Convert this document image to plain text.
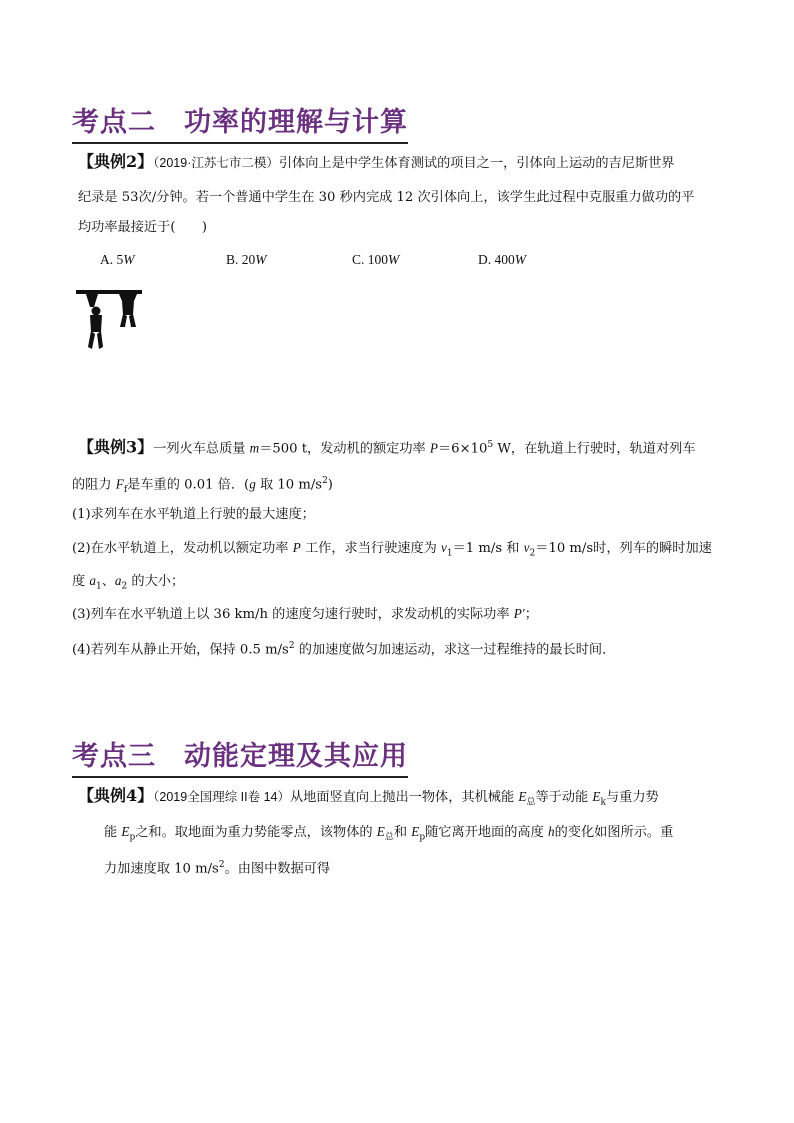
考点二　功率的理解与计算
【典例2】（2019·江苏七市二模）引体向上是中学生体育测试的项目之一，引体向上运动的吉尼斯世界
纪录是 53次/分钟。若一个普通中学生在 30 秒内完成 12 次引体向上，该学生此过程中克服重力做功的平
均功率最接近于(　　)
A. 5W	B. 20W	C. 100W	D. 400W
【典例3】一列火车总质量 m＝500 t，发动机的额定功率 $P=6\times 10^5$ W，在轨道上行驶时，轨道对列车
的阻力 $F_f$是车重的 0.01 倍．(g 取 10 $m/s^2$)
(1)求列车在水平轨道上行驶的最大速度；
(2)在水平轨道上，发动机以额定功率 P 工作，求当行驶速度为 $v_1=1$ m/s 和 $v_2=10$ m/s时，列车的瞬时加速
度 $a_1$、$a_2$ 的大小；
(3)列车在水平轨道上以 36 km/h 的速度匀速行驶时，求发动机的实际功率 P′；
(4)若列车从静止开始，保持 0.5 $m/s^2$ 的加速度做匀加速运动，求这一过程维持的最长时间．
考点三　动能定理及其应用
【典例4】（2019全国理综 II卷 14）从地面竖直向上抛出一物体，其机械能 $E_总$等于动能 $E_k$与重力势
能 $E_p$之和。取地面为重力势能零点，该物体的 $E_总$和 $E_p$随它离开地面的高度 h的变化如图所示。重
力加速度取 10 $m/s^2$。由图中数据可得
